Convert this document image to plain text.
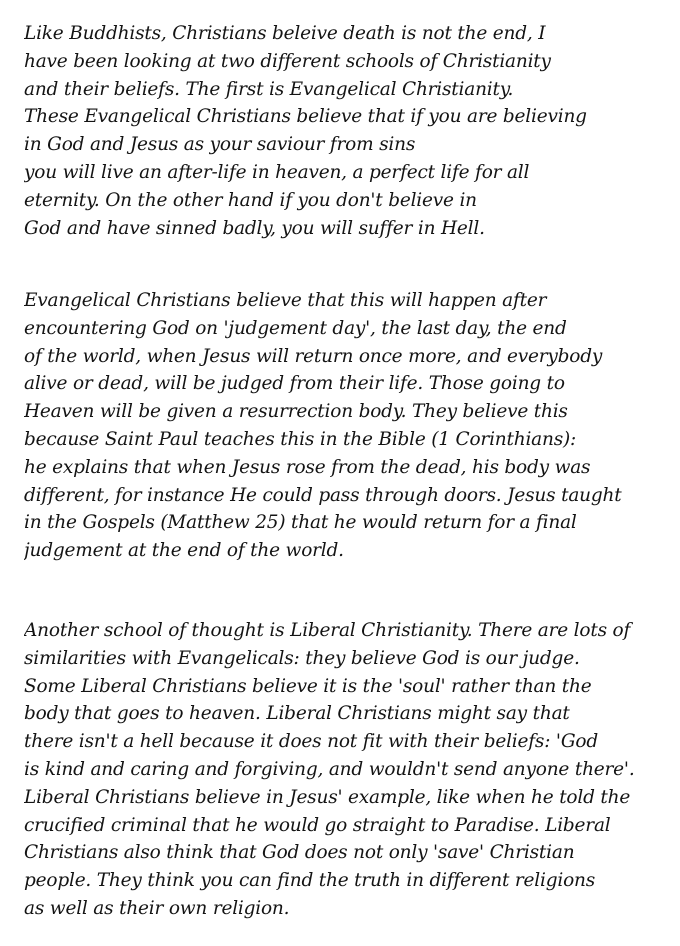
Like Buddhists, Christians beleive death is not the end, I
have been looking at two different schools of Christianity
and their beliefs. The first is Evangelical Christianity.
These Evangelical Christians believe that if you are believing
in God and Jesus as your saviour from sins
you will live an after-life in heaven, a perfect life for all
eternity. On the other hand if you don't believe in
God and have sinned badly, you will suffer in Hell.
Evangelical Christians believe that this will happen after
encountering God on 'judgement day', the last day, the end
of the world, when Jesus will return once more, and everybody
alive or dead, will be judged from their life. Those going to
Heaven will be given a resurrection body. They believe this
because Saint Paul teaches this in the Bible (1 Corinthians):
he explains that when Jesus rose from the dead, his body was
different, for instance He could pass through doors. Jesus taught
in the Gospels (Matthew 25) that he would return for a final
judgement at the end of the world.
Another school of thought is Liberal Christianity. There are lots of
similarities with Evangelicals: they believe God is our judge.
Some Liberal Christians believe it is the 'soul' rather than the
body that goes to heaven. Liberal Christians might say that
there isn't a hell because it does not fit with their beliefs: 'God
is kind and caring and forgiving, and wouldn't send anyone there'.
Liberal Christians believe in Jesus' example, like when he told the
crucified criminal that he would go straight to Paradise. Liberal
Christians also think that God does not only 'save' Christian
people. They think you can find the truth in different religions
as well as their own religion.
